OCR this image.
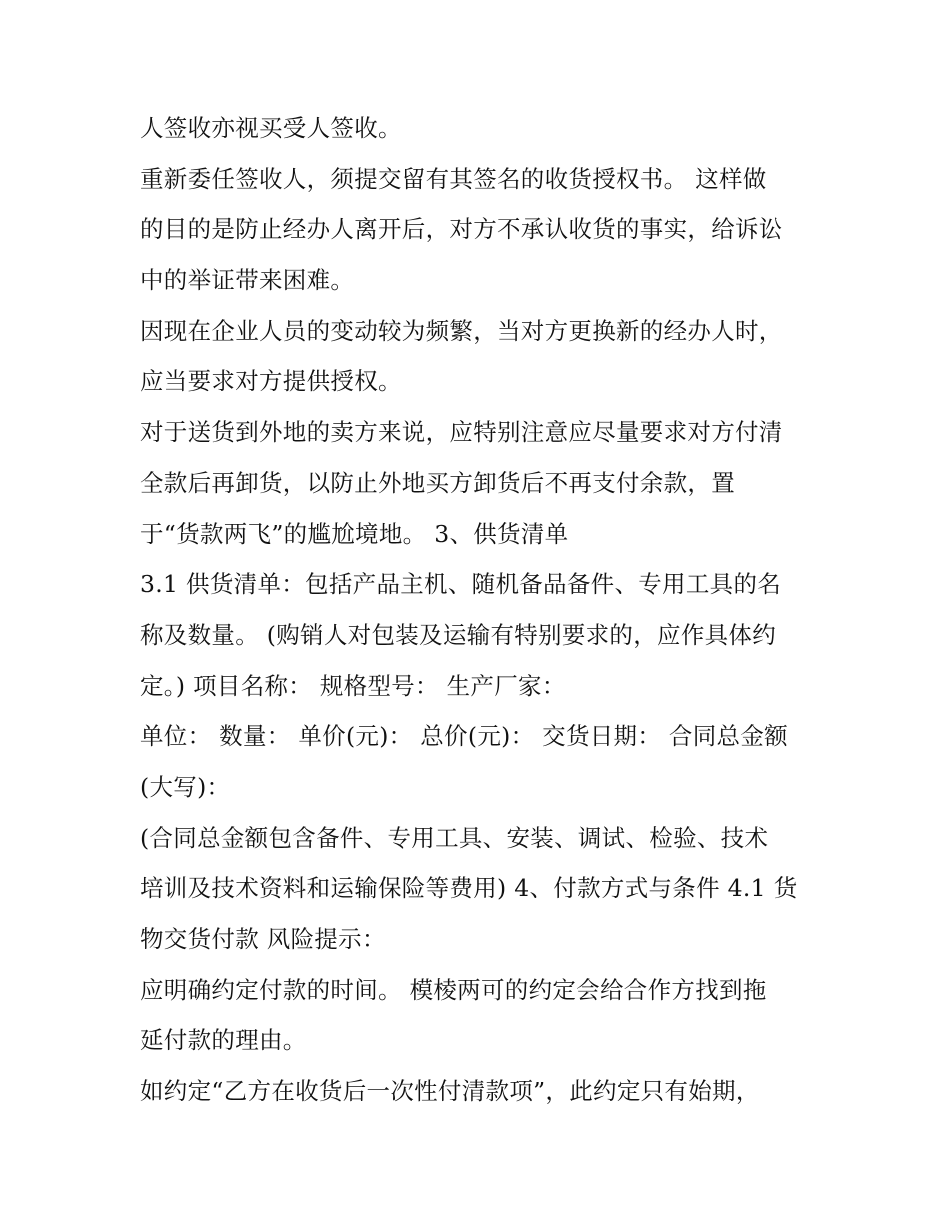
人签收亦视买受人签收。
重新委任签收人，须提交留有其签名的收货授权书。 这样做
的目的是防止经办人离开后，对方不承认收货的事实，给诉讼
中的举证带来困难。
因现在企业人员的变动较为频繁，当对方更换新的经办人时，
应当要求对方提供授权。
对于送货到外地的卖方来说，应特别注意应尽量要求对方付清
全款后再卸货，以防止外地买方卸货后不再支付余款，置
于“货款两飞”的尴尬境地。 3、供货清单
3.1 供货清单：包括产品主机、随机备品备件、专用工具的名
称及数量。 (购销人对包装及运输有特别要求的，应作具体约
定。) 项目名称： 规格型号： 生产厂家：
单位： 数量： 单价(元)： 总价(元)： 交货日期： 合同总金额
(大写)：
(合同总金额包含备件、专用工具、安装、调试、检验、技术
培训及技术资料和运输保险等费用) 4、付款方式与条件 4.1 货
物交货付款 风险提示：
应明确约定付款的时间。 模棱两可的约定会给合作方找到拖
延付款的理由。
如约定“乙方在收货后一次性付清款项”，此约定只有始期，
